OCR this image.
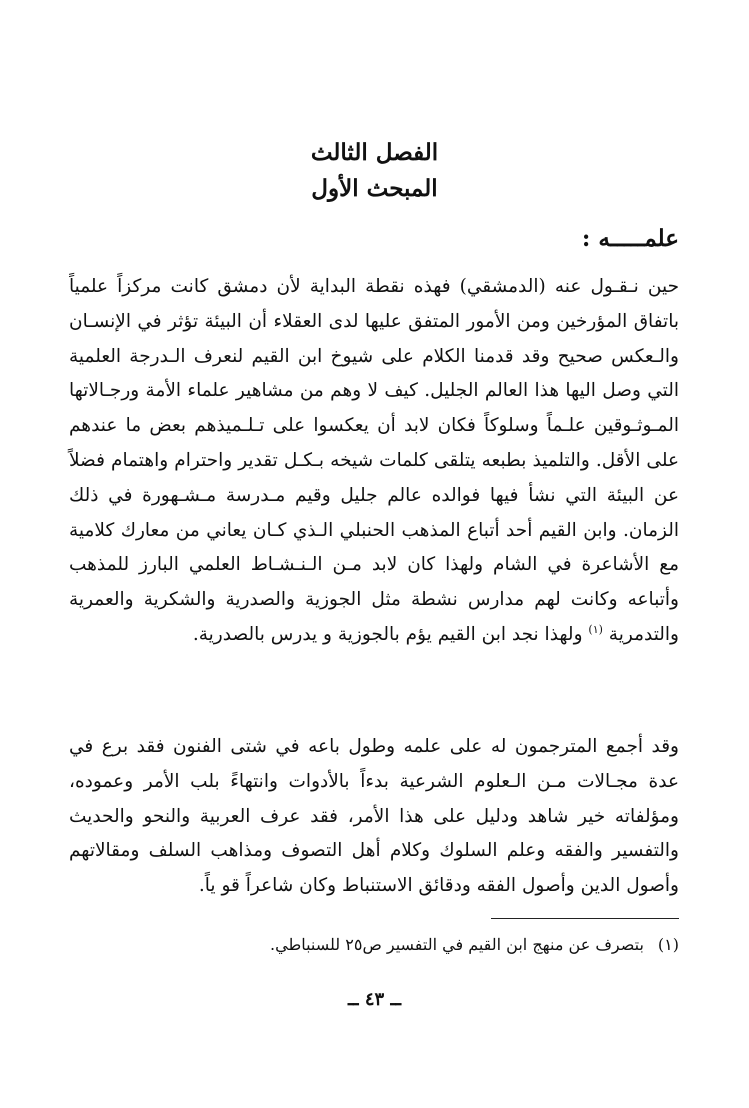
الفصل الثالث
المبحث الأول
علمـــــه :

حين نـقـول عنه (الدمشقي) فهذه نقطة البداية لأن دمشق كانت مركزاً علمياً باتفاق المؤرخين ومن الأمور المتفق عليها لدى العقلاء أن البيئة تؤثر في الإنسـان والـعكس صحيح وقد قدمنا الكلام على شيوخ ابن القيم لنعرف الـدرجة العلمية التي وصل اليها هذا العالم الجليل. كيف لا وهم من مشاهير علماء الأمة ورجـالاتها المـوثـوقين علـماً وسلوكاً فكان لابد أن يعكسوا على تـلـميذهم بعض ما عندهم على الأقل. والتلميذ بطبعه يتلقى كلمات شيخه بـكـل تقدير واحترام واهتمام فضلاً عن البيئة التي نشأ فيها فوالده عالم جليل وقيم مـدرسة مـشـهورة في ذلك الزمان. وابن القيم أحد أتباع المذهب الحنبلي الـذي كـان يعاني من معارك كلامية مع الأشاعرة في الشام ولهذا كان لابد مـن الـنـشـاط العلمي البارز للمذهب وأتباعه وكانت لهم مدارس نشطة مثل الجوزية والصدرية والشكرية والعمرية والتدمرية $^{(١)}$ ولهذا نجد ابن القيم يؤم بالجوزية و يدرس بالصدرية.

وقد أجمع المترجمون له على علمه وطول باعه في شتى الفنون فقد برع في عدة مجـالات مـن الـعلوم الشرعية بدءاً بالأدوات وانتهاءً بلب الأمر وعموده، ومؤلفاته خير شاهد ودليل على هذا الأمر، فقد عرف العربية والنحو والحديث والتفسير والفقه وعلم السلوك وكلام أهل التصوف ومذاهب السلف ومقالاتهم وأصول الدين وأصول الفقه ودقائق الاستنباط وكان شاعراً قو ياً.

(١)بتصرف عن منهج ابن القيم في التفسير ص٢٥ للسنباطي.

ــ ٤٣ ــ
